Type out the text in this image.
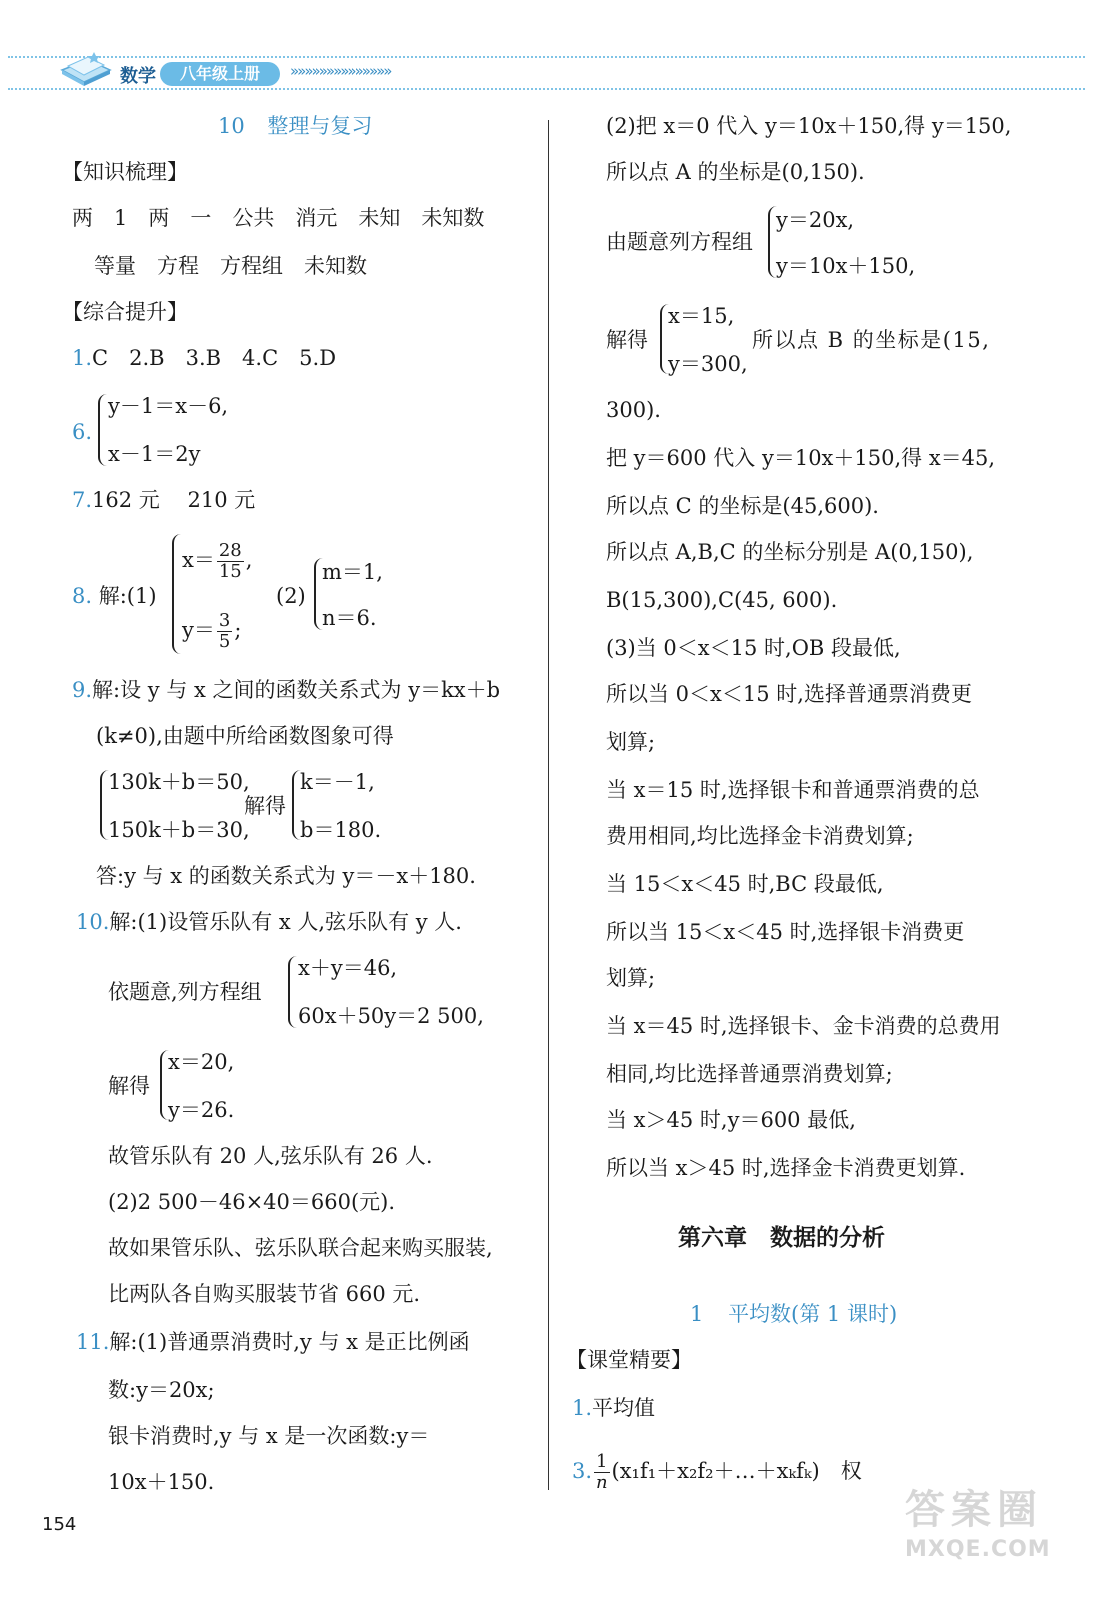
数学	八年级上册	»»»»»»»»»»»»»»
10 整理与复习
【知识梳理】
两　1　两　一　公共　消元　未知　未知数
等量　方程　方程组　未知数
【综合提升】
1.C　2.B　3.B　4.C　5.D
6.
y－1＝x－6,
x－1＝2y
7.162 元　 210 元
8. 解:(1)
$x= \frac{28}{15}$ ,
$y= \frac{3}{5}$ ;
(2)
m＝1,
n＝6.
9.解:设 y 与 x 之间的函数关系式为 y＝kx＋b
(k≠0),由题中所给函数图象可得
130k＋b＝50,
150k＋b＝30,
解得
k＝－1,
b＝180.
答:y 与 x 的函数关系式为 y＝－x＋180.
10.解:(1)设管乐队有 x 人,弦乐队有 y 人.
依题意,列方程组
x＋y＝46,
60x＋50y＝2 500,
解得
x＝20,
y＝26.
故管乐队有 20 人,弦乐队有 26 人.
(2)2 500－46×40＝660(元).
故如果管乐队、弦乐队联合起来购买服装,
比两队各自购买服装节省 660 元.
11.解:(1)普通票消费时,y 与 x 是正比例函
数:y＝20x;
银卡消费时,y 与 x 是一次函数:y＝
10x＋150.
(2)把 x＝0 代入 y＝10x＋150,得 y＝150,
所以点 A 的坐标是(0,150).
由题意列方程组
y＝20x,
y＝10x＋150,
解得
x＝15,
y＝300,
所以点 B 的坐标是(15,
300).
把 y＝600 代入 y＝10x＋150,得 x＝45,
所以点 C 的坐标是(45,600).
所以点 A,B,C 的坐标分别是 A(0,150),
B(15,300),C(45, 600).
(3)当 0＜x＜15 时,OB 段最低,
所以当 0＜x＜15 时,选择普通票消费更
划算;
当 x＝15 时,选择银卡和普通票消费的总
费用相同,均比选择金卡消费划算;
当 15＜x＜45 时,BC 段最低,
所以当 15＜x＜45 时,选择银卡消费更
划算;
当 x＝45 时,选择银卡、金卡消费的总费用
相同,均比选择普通票消费划算;
当 x＞45 时,y＝600 最低,
所以当 x＞45 时,选择金卡消费更划算.
第六章　数据的分析
1 平均数(第 1 课时)
【课堂精要】
1.平均值
3. $\frac{1}{n}$ (x₁f₁＋x₂f₂＋…＋xₖfₖ)　权
154	答案圈
MXQE.COM
